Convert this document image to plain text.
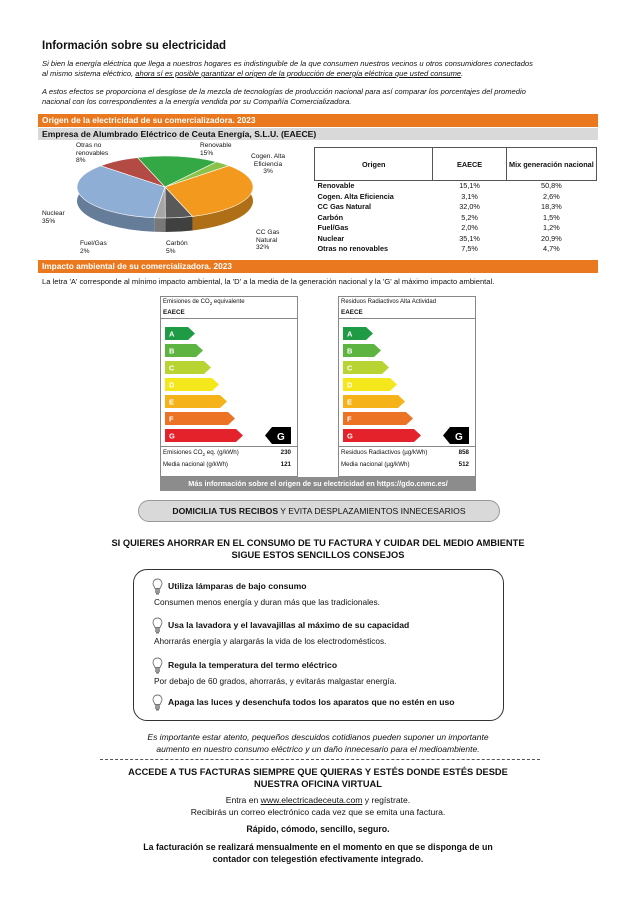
Información sobre su electricidad
Si bien la energía eléctrica que llega a nuestros hogares es indistinguible de la que consumen nuestros vecinos u otros consumidores conectados
al mismo sistema eléctrico, ahora sí es posible garantizar el origen de la producción de energía eléctrica que usted consume.
A estos efectos se proporciona el desglose de la mezcla de tecnologías de producción nacional para así comparar los porcentajes del promedio
nacional con los correspondientes a la energía vendida por su Compañía Comercializadora.
Origen de la electricidad de su comercializadora. 2023
Empresa de Alumbrado Eléctrico de Ceuta Energía, S.L.U. (EAECE)
Otras no
renovables
8%
Renovable
15%	Cogen. Alta
Eficiencia
3%
Nuclear
35%
Fuel/Gas
2%
Carbón
5%
CC Gas
Natural
32%
Origen	EAECE	Mix generación nacional
Renovable	15,1%	50,8%
Cogen. Alta Eficiencia	3,1%	2,6%
CC Gas Natural	32,0%	18,3%
Carbón	5,2%	1,5%
Fuel/Gas	2,0%	1,2%
Nuclear	35,1%	20,9%
Otras no renovables	7,5%	4,7%
Impacto ambiental de su comercializadora. 2023
La letra 'A' corresponde al mínimo impacto ambiental, la 'D' a la media de la generación nacional y la 'G' al máximo impacto ambiental.
Emisiones de $CO_2$ equivalente
EAECE
A
B
C
D
E
F
G	G
Emisiones $CO_2$ eq. (g/kWh)	230
Media nacional (g/kWh)	121
Residuos Radiactivos Alta Actividad
EAECE
A
B
C
D
E
F
G	G
Residuos Radiactivos (µg/kWh)	858
Media nacional (µg/kWh)	512
Más información sobre el origen de su electricidad en https://gdo.cnmc.es/
DOMICILIA TUS RECIBOS Y EVITA DESPLAZAMIENTOS INNECESARIOS
SI QUIERES AHORRAR EN EL CONSUMO DE TU FACTURA Y CUIDAR DEL MEDIO AMBIENTE
SIGUE ESTOS SENCILLOS CONSEJOS
Utiliza lámparas de bajo consumo
Consumen menos energía y duran más que las tradicionales.
Usa la lavadora y el lavavajillas al máximo de su capacidad
Ahorrarás energía y alargarás la vida de los electrodomésticos.
Regula la temperatura del termo eléctrico
Por debajo de 60 grados, ahorrarás, y evitarás malgastar energía.
Apaga las luces y desenchufa todos los aparatos que no estén en uso
Es importante estar atento, pequeños descuidos cotidianos pueden suponer un importante
aumento en nuestro consumo eléctrico y un daño innecesario para el medioambiente.
ACCEDE A TUS FACTURAS SIEMPRE QUE QUIERAS Y ESTÉS DONDE ESTÉS DESDE
NUESTRA OFICINA VIRTUAL
Entra en www.electricadeceuta.com y regístrate.
Recibirás un correo electrónico cada vez que se emita una factura.
Rápido, cómodo, sencillo, seguro.
La facturación se realizará mensualmente en el momento en que se disponga de un
contador con telegestión efectivamente integrado.
